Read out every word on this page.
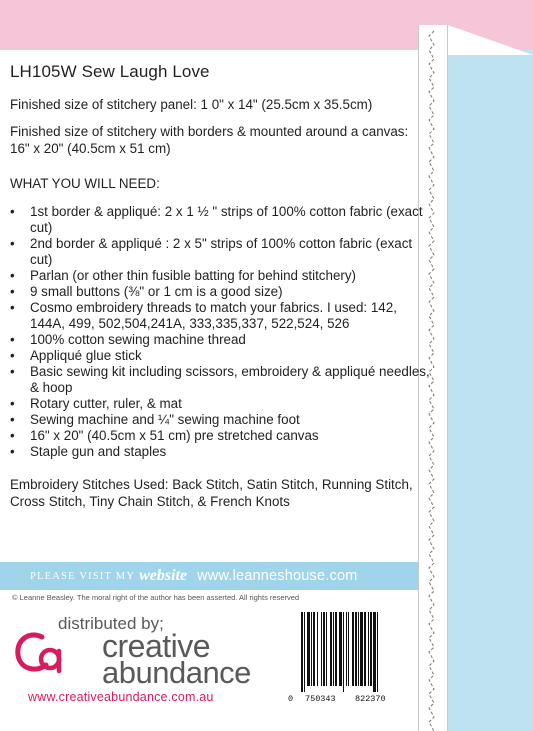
LH105W Sew Laugh Love
Finished size of stitchery panel: 1 0" x 14" (25.5cm x 35.5cm)
Finished size of stitchery with borders & mounted around a canvas: 16" x 20" (40.5cm x 51 cm)
WHAT YOU WILL NEED:
• 1st border & appliqué: 2 x 1 ½ " strips of 100% cotton fabric (exact cut)
• 2nd border & appliqué : 2 x 5" strips of 100% cotton fabric (exact cut)
• Parlan (or other thin fusible batting for behind stitchery)
• 9 small buttons (⅜" or 1 cm is a good size)
• Cosmo embroidery threads to match your fabrics. I used: 142, 144A, 499, 502,504,241A, 333,335,337, 522,524, 526
• 100% cotton sewing machine thread
• Appliqué glue stick
• Basic sewing kit including scissors, embroidery & appliqué needles, & hoop
• Rotary cutter, ruler, & mat
• Sewing machine and ¼" sewing machine foot
• 16" x 20" (40.5cm x 51 cm) pre stretched canvas
• Staple gun and staples
Embroidery Stitches Used: Back Stitch, Satin Stitch, Running Stitch, Cross Stitch, Tiny Chain Stitch, & French Knots
PLEASE VISIT MY website www.leanneshouse.com
© Leanne Beasley. The moral right of the author has been asserted. All rights reserved
distributed by;
creative
abundance
www.creativeabundance.com.au	0 750343 822370
